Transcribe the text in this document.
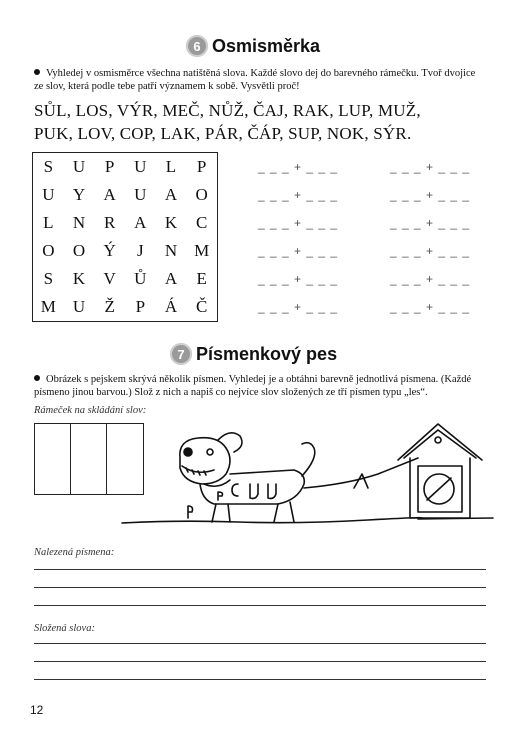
6 Osmisměrka
Vyhledej v osmisměrce všechna natištěná slova. Každé slovo dej do barevného rámečku. Tvoř dvojice ze slov, která podle tebe patří významem k sobě. Vysvětli proč!
SŮL, LOS, VÝR, MEČ, NŮŽ, ČAJ, RAK, LUP, MUŽ,
PUK, LOV, COP, LAK, PÁR, ČÁP, SUP, NOK, SÝR.
S	U	P	U	L	P
U	Y	A	U	A	O
L	N	R	A	K	C
O	O	Ý	J	N M
S	K	V	Ů	A	E
M U	Ž	P	Á	Č
_ _ _ + _ _ _	_ _ _ + _ _ _
_ _ _ + _ _ _	_ _ _ + _ _ _
_ _ _ + _ _ _	_ _ _ + _ _ _
_ _ _ + _ _ _	_ _ _ + _ _ _
_ _ _ + _ _ _	_ _ _ + _ _ _
_ _ _ + _ _ _	_ _ _ + _ _ _
7 Písmenkový pes
Obrázek s pejskem skrývá několik písmen. Vyhledej je a obtáhni barevně jednotlivá písmena. (Každé písmeno jinou barvou.) Slož z nich a napiš co nejvíce slov složených ze tří písmen typu „les“.
Rámeček na skládání slov:
Nalezená písmena:
Složená slova:
12
